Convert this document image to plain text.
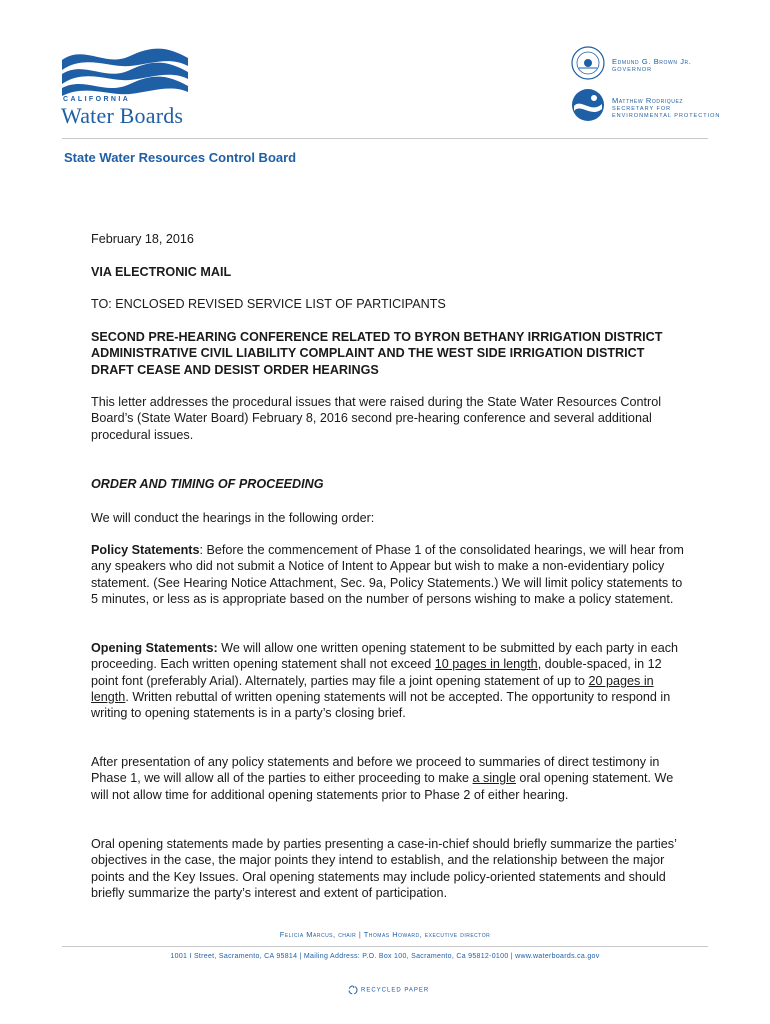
CALIFORNIA
Water Boards
Edmund G. Brown Jr.
GOVERNOR
Matthew Rodriquez
SECRETARY FOR
ENVIRONMENTAL PROTECTION
State Water Resources Control Board
February 18, 2016
VIA ELECTRONIC MAIL
TO: ENCLOSED REVISED SERVICE LIST OF PARTICIPANTS
SECOND PRE-HEARING CONFERENCE RELATED TO BYRON BETHANY IRRIGATION DISTRICT ADMINISTRATIVE CIVIL LIABILITY COMPLAINT AND THE WEST SIDE IRRIGATION DISTRICT DRAFT CEASE AND DESIST ORDER HEARINGS
This letter addresses the procedural issues that were raised during the State Water Resources Control Board’s (State Water Board) February 8, 2016 second pre-hearing conference and several additional procedural issues.
ORDER AND TIMING OF PROCEEDING
We will conduct the hearings in the following order:
Policy Statements: Before the commencement of Phase 1 of the consolidated hearings, we will hear from any speakers who did not submit a Notice of Intent to Appear but wish to make a non-evidentiary policy statement. (See Hearing Notice Attachment, Sec. 9a, Policy Statements.) We will limit policy statements to 5 minutes, or less as is appropriate based on the number of persons wishing to make a policy statement.
Opening Statements: We will allow one written opening statement to be submitted by each party in each proceeding. Each written opening statement shall not exceed 10 pages in length, double-spaced, in 12 point font (preferably Arial). Alternately, parties may file a joint opening statement of up to 20 pages in length. Written rebuttal of written opening statements will not be accepted. The opportunity to respond in writing to opening statements is in a party’s closing brief.
After presentation of any policy statements and before we proceed to summaries of direct testimony in Phase 1, we will allow all of the parties to either proceeding to make a single oral opening statement. We will not allow time for additional opening statements prior to Phase 2 of either hearing.
Oral opening statements made by parties presenting a case-in-chief should briefly summarize the parties’ objectives in the case, the major points they intend to establish, and the relationship between the major points and the Key Issues. Oral opening statements may include policy-oriented statements and should briefly summarize the party’s interest and extent of participation.
Felicia Marcus, chair | Thomas Howard, executive director
1001 I Street, Sacramento, CA 95814 | Mailing Address: P.O. Box 100, Sacramento, Ca 95812-0100 | www.waterboards.ca.gov
RECYCLED PAPER
